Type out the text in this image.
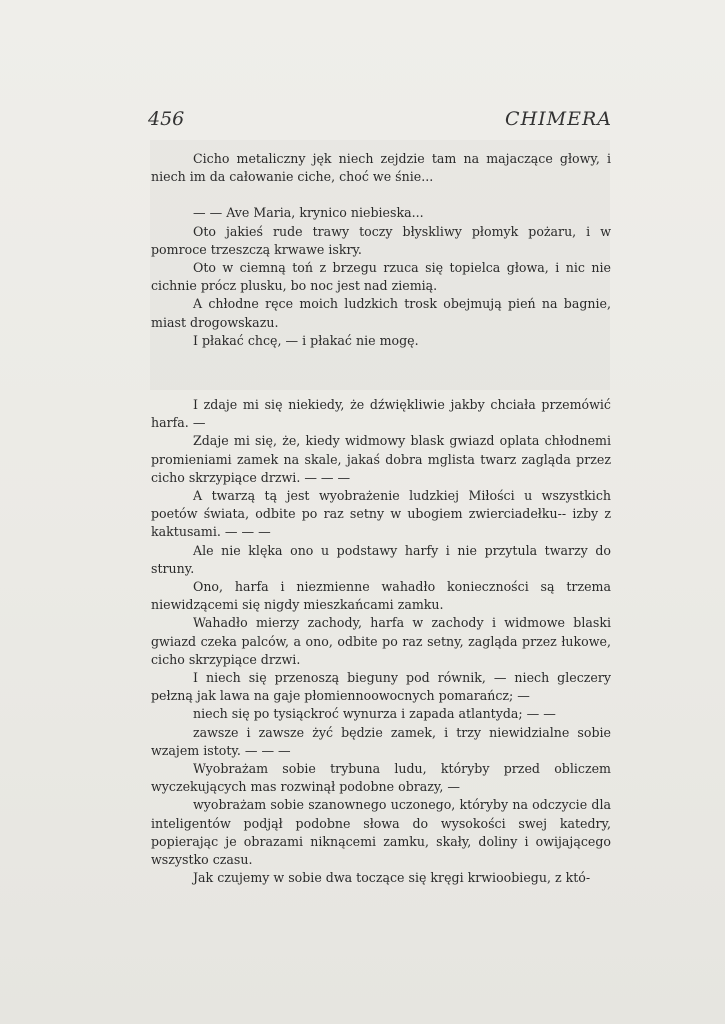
456	CHIMERA

Cicho metaliczny jęk niech zejdzie tam na majaczące głowy, i niech im da całowanie ciche, choć we śnie...

— — Ave Maria, krynico niebieska...

Oto jakieś rude trawy toczy błyskliwy płomyk pożaru, i w pomroce trzeszczą krwawe iskry.

Oto w ciemną toń z brzegu rzuca się topielca głowa, i nic nie cichnie prócz plusku, bo noc jest nad ziemią.

A chłodne ręce moich ludzkich trosk obejmują pień na bagnie, miast drogowskazu.

I płakać chcę, — i płakać nie mogę.

I zdaje mi się niekiedy, że dźwiękliwie jakby chciała przemówić harfa. —

Zdaje mi się, że, kiedy widmowy blask gwiazd oplata chłodnemi promieniami zamek na skale, jakaś dobra mglista twarz zagląda przez cicho skrzypiące drzwi. — — —

A twarzą tą jest wyobrażenie ludzkiej Miłości u wszystkich poetów świata, odbite po raz setny w ubogiem zwierciadełku-- izby z kaktusami. — — —

Ale nie klęka ono u podstawy harfy i nie przytula twarzy do struny.

Ono, harfa i niezmienne wahadło konieczności są trzema niewidzącemi się nigdy mieszkańcami zamku.

Wahadło mierzy zachody, harfa w zachody i widmowe blaski gwiazd czeka palców, a ono, odbite po raz setny, zagląda przez łukowe, cicho skrzypiące drzwi.

I niech się przenoszą bieguny pod równik, — niech gleczery pełzną jak lawa na gaje płomiennoowocnych pomarańcz; —

niech się po tysiąckroć wynurza i zapada atlantyda; — —

zawsze i zawsze żyć będzie zamek, i trzy niewidzialne sobie wzajem istoty. — — —

Wyobrażam sobie trybuna ludu, któryby przed obliczem wyczekujących mas rozwinął podobne obrazy, —

wyobrażam sobie szanownego uczonego, któryby na odczycie dla inteligentów podjął podobne słowa do wysokości swej katedry, popierając je obrazami niknącemi zamku, skały, doliny i owijającego wszystko czasu.

Jak czujemy w sobie dwa toczące się kręgi krwioobiegu, z któ-
